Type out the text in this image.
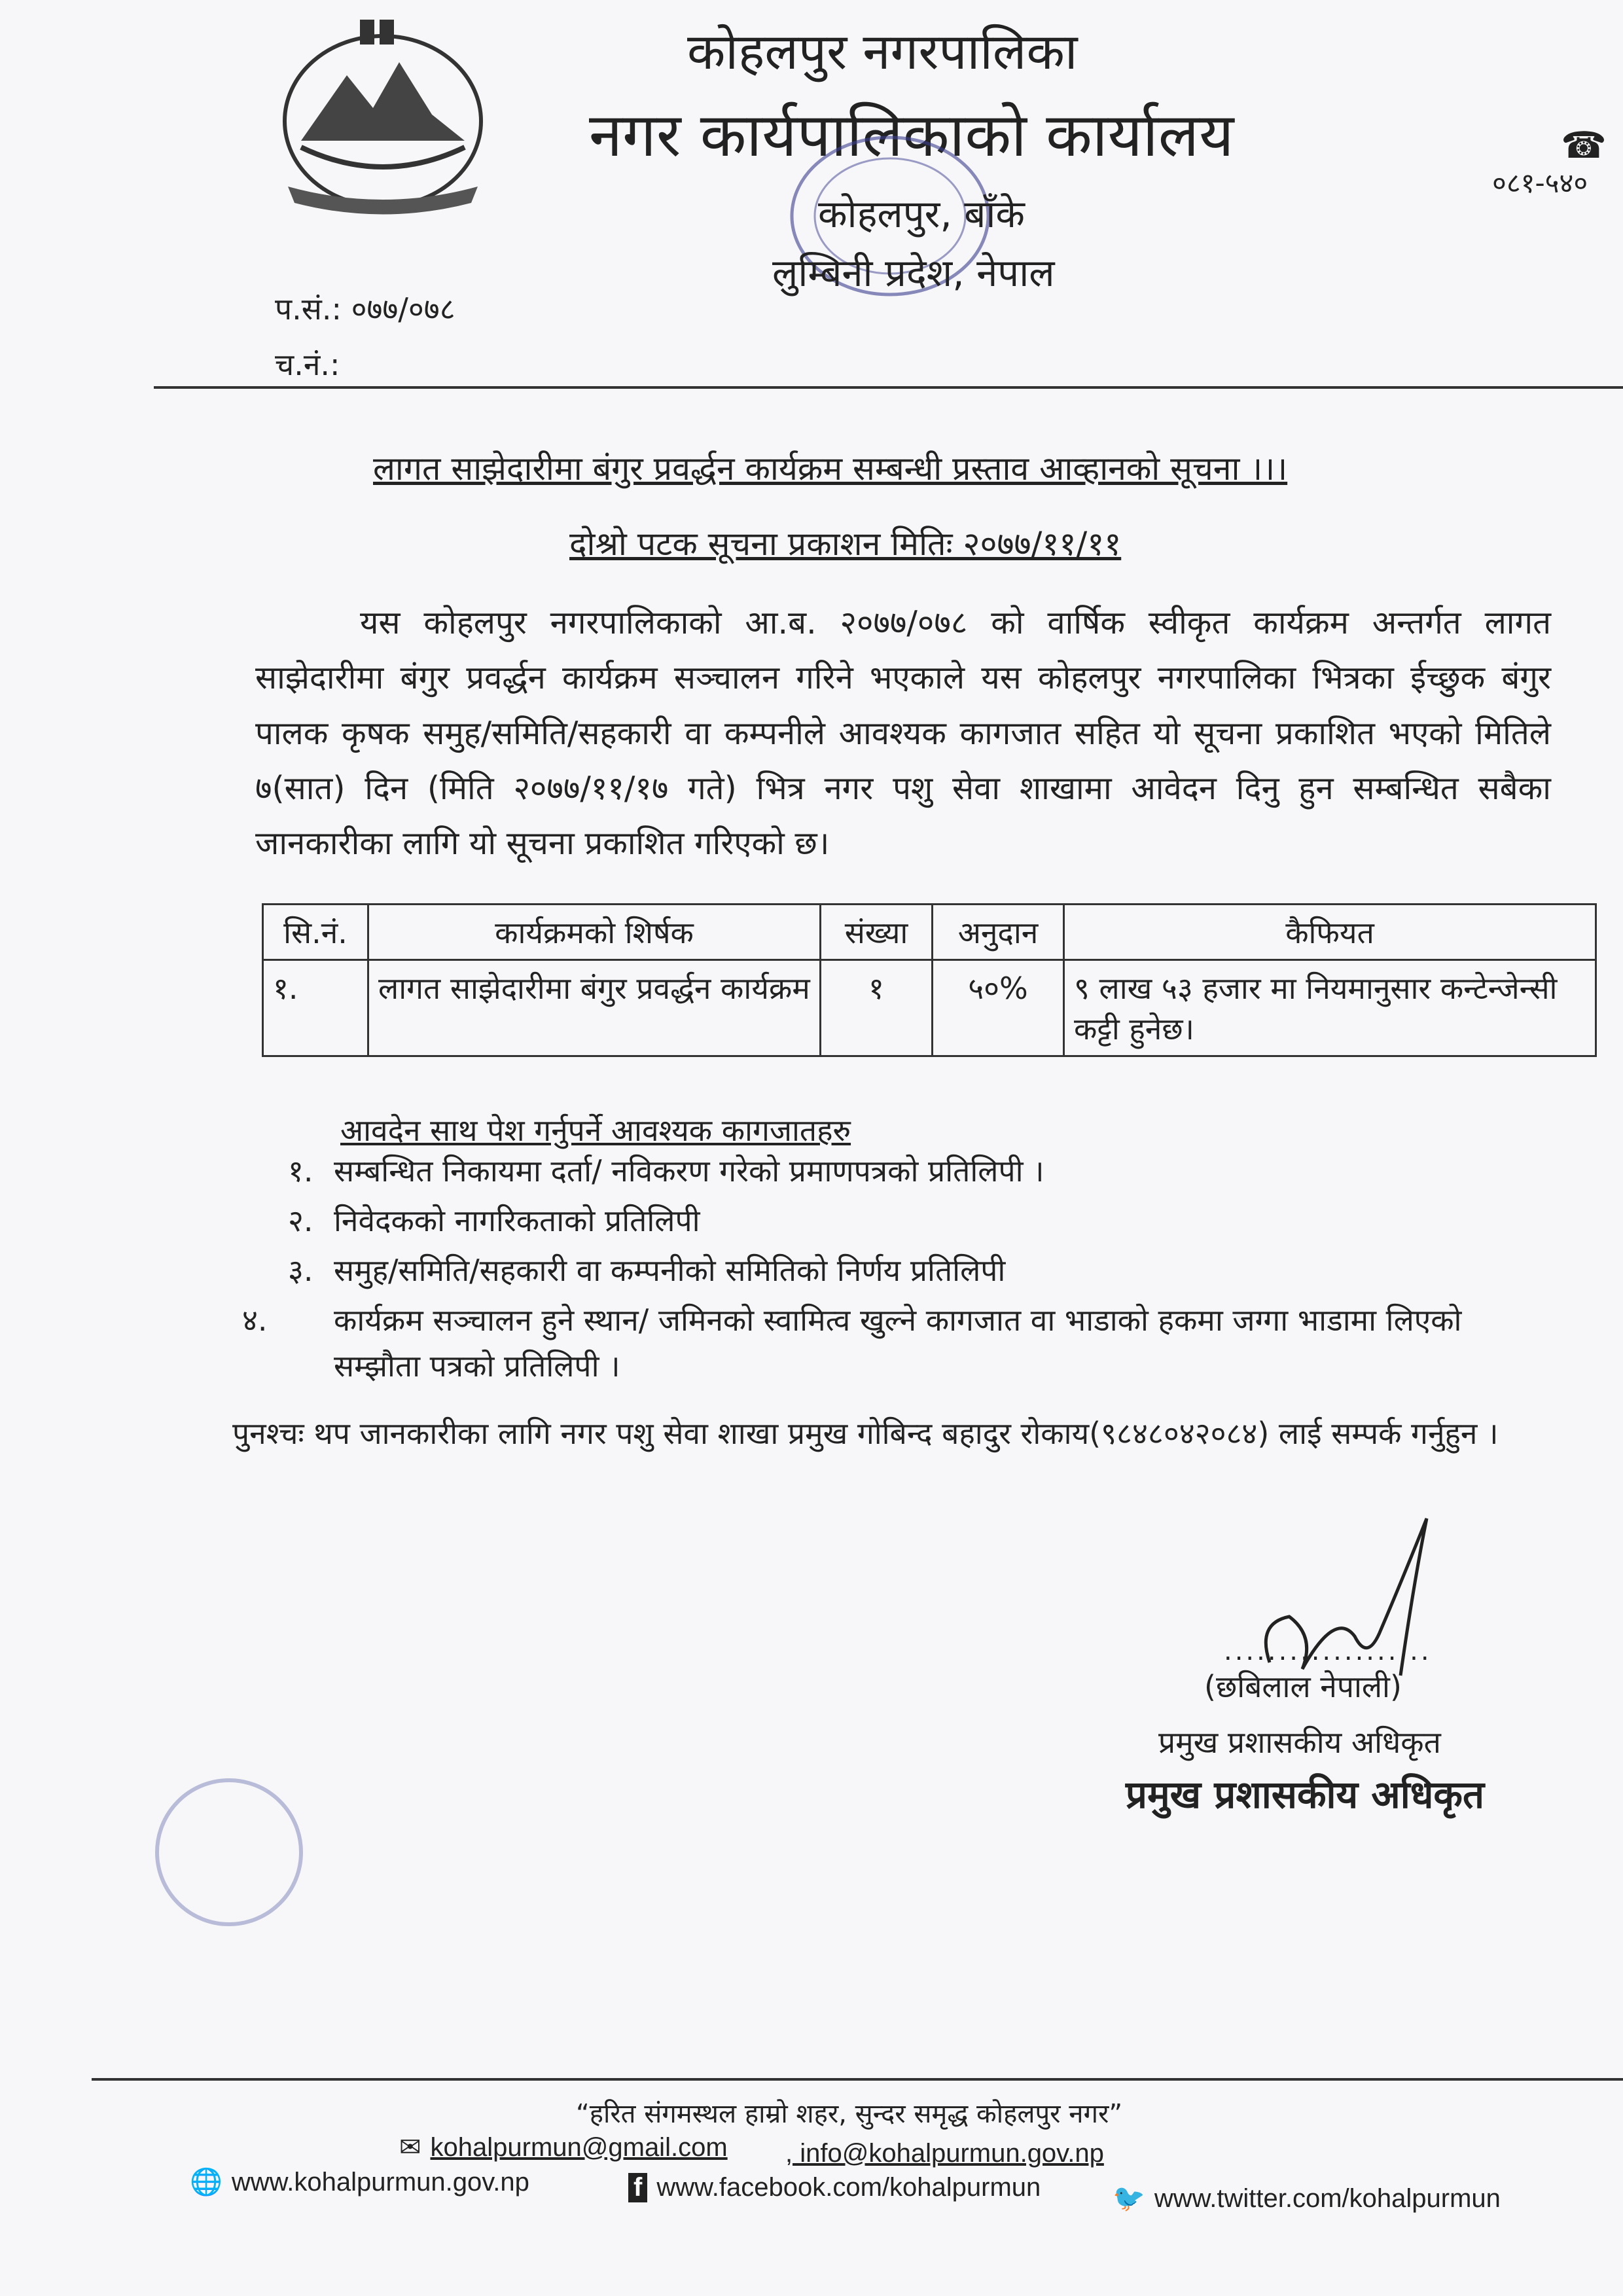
कोहलपुर नगरपालिका
नगर कार्यपालिकाको कार्यालय
कोहलपुर, बाँके
लुम्बिनी प्रदेश, नेपाल
☎
०८१-५४०
प.सं.: ०७७/०७८
च.नं.:
लागत साझेदारीमा बंगुर प्रवर्द्धन कार्यक्रम सम्बन्धी प्रस्ताव आव्हानको सूचना ।।।
दोश्रो पटक सूचना प्रकाशन मितिः २०७७/११/११
यस कोहलपुर नगरपालिकाको आ.ब. २०७७/०७८ को वार्षिक स्वीकृत कार्यक्रम अन्तर्गत लागत साझेदारीमा बंगुर प्रवर्द्धन कार्यक्रम सञ्चालन गरिने भएकाले यस कोहलपुर नगरपालिका भित्रका ईच्छुक बंगुर पालक कृषक समुह/समिति/सहकारी वा कम्पनीले आवश्यक कागजात सहित यो सूचना प्रकाशित भएको मितिले ७(सात) दिन (मिति २०७७/११/१७ गते) भित्र नगर पशु सेवा शाखामा आवेदन दिनु हुन सम्बन्धित सबैका जानकारीका लागि यो सूचना प्रकाशित गरिएको छ।
सि.नं.	कार्यक्रमको शिर्षक	संख्या	अनुदान	कैफियत
१.	लागत साझेदारीमा बंगुर प्रवर्द्धन कार्यक्रम	१	५०%	९ लाख ५३ हजार मा नियमानुसार कन्टेन्जेन्सी कट्टी हुनेछ।
आवदेन साथ पेश गर्नुपर्ने आवश्यक कागजातहरु
१. सम्बन्धित निकायमा दर्ता/ नविकरण गरेको प्रमाणपत्रको प्रतिलिपी ।
२. निवेदकको नागरिकताको प्रतिलिपी
३. समुह/समिति/सहकारी वा कम्पनीको समितिको निर्णय प्रतिलिपी
४. कार्यक्रम सञ्चालन हुने स्थान/ जमिनको स्वामित्व खुल्ने कागजात वा भाडाको हकमा जग्गा भाडामा लिएको सम्झौता पत्रको प्रतिलिपी ।
पुनश्चः थप जानकारीका लागि नगर पशु सेवा शाखा प्रमुख गोबिन्द बहादुर रोकाय(९८४८०४२०८४) लाई सम्पर्क गर्नुहुन ।
...................
(छबिलाल नेपाली)
प्रमुख प्रशासकीय अधिकृत
प्रमुख प्रशासकीय अधिकृत
“हरित संगमस्थल हाम्रो शहर, सुन्दर समृद्ध कोहलपुर नगर”
✉ kohalpurmun@gmail.com , info@kohalpurmun.gov.np
🌐 www.kohalpurmun.gov.np	f www.facebook.com/kohalpurmun	🐦 www.twitter.com/kohalpurmun
